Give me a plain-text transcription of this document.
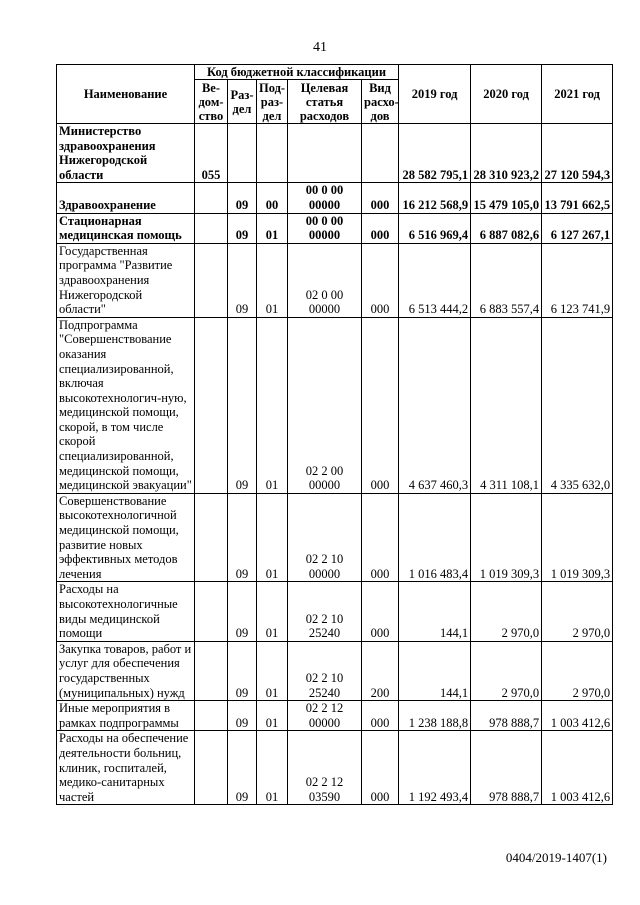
41
Наименование	Код бюджетной классификации					2019 год	2020 год	2021 год
	Ве-дом-ство	Раз-дел	Под-раз-дел	Целевая статья расходов	Вид расхо-дов			
Министерство здравоохранения Нижегородской области	055					28 582 795,1	28 310 923,2	27 120 594,3
Здравоохранение		09	00	00 0 00 00000	000	16 212 568,9	15 479 105,0	13 791 662,5
Стационарная медицинская помощь		09	01	00 0 00 00000	000	6 516 969,4	6 887 082,6	6 127 267,1
Государственная программа "Развитие здравоохранения Нижегородской области"		09	01	02 0 00 00000	000	6 513 444,2	6 883 557,4	6 123 741,9
Подпрограмма "Совершенствование оказания специализированной, включая высокотехнологич-ную, медицинской помощи, скорой, в том числе скорой специализированной, медицинской помощи, медицинской эвакуации"		09	01	02 2 00 00000	000	4 637 460,3	4 311 108,1	4 335 632,0
Совершенствование высокотехнологичной медицинской помощи, развитие новых эффективных методов лечения		09	01	02 2 10 00000	000	1 016 483,4	1 019 309,3	1 019 309,3
Расходы на высокотехнологичные виды медицинской помощи		09	01	02 2 10 25240	000	144,1	2 970,0	2 970,0
Закупка товаров, работ и услуг для обеспечения государственных (муниципальных) нужд		09	01	02 2 10 25240	200	144,1	2 970,0	2 970,0
Иные мероприятия в рамках подпрограммы		09	01	02 2 12 00000	000	1 238 188,8	978 888,7	1 003 412,6
Расходы на обеспечение деятельности больниц, клиник, госпиталей, медико-санитарных частей		09	01	02 2 12 03590	000	1 192 493,4	978 888,7	1 003 412,6
0404/2019-1407(1)
